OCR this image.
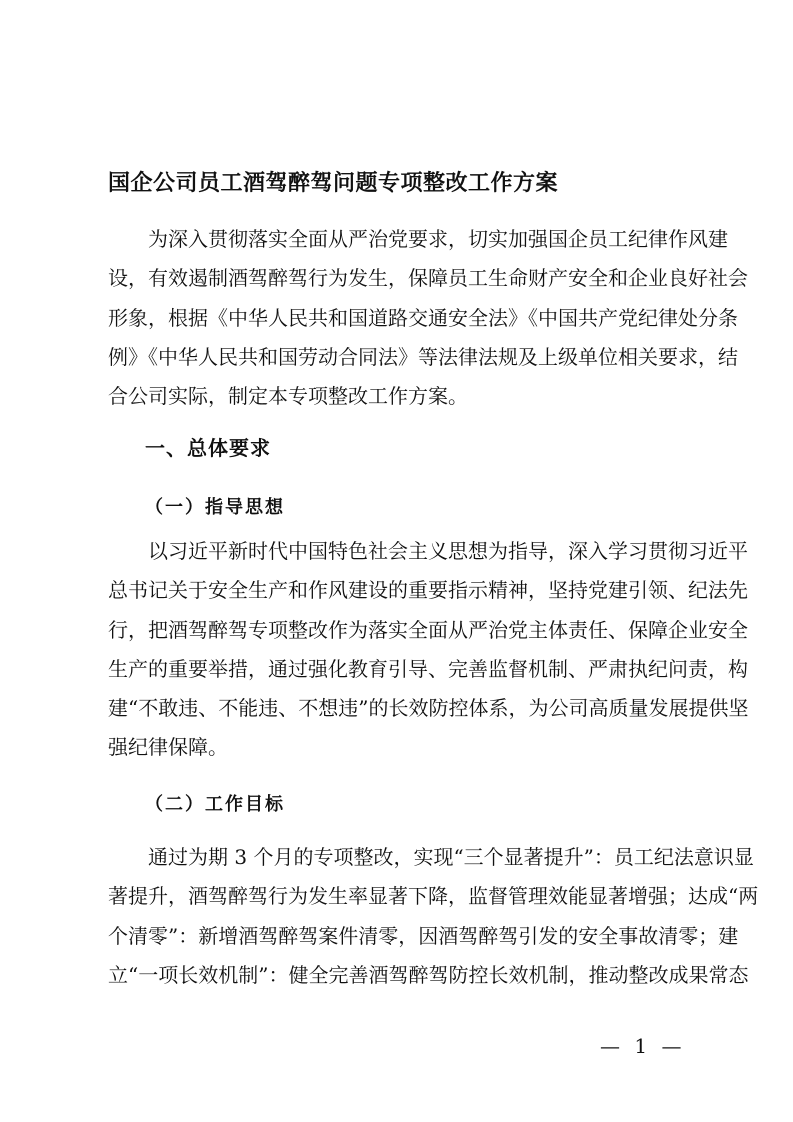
国企公司员工酒驾醉驾问题专项整改工作方案
为深入贯彻落实全面从严治党要求，切实加强国企员工纪律作风建
设，有效遏制酒驾醉驾行为发生，保障员工生命财产安全和企业良好社会
形象，根据《中华人民共和国道路交通安全法》《中国共产党纪律处分条
例》《中华人民共和国劳动合同法》等法律法规及上级单位相关要求，结
合公司实际，制定本专项整改工作方案。
一、总体要求
（一）指导思想
以习近平新时代中国特色社会主义思想为指导，深入学习贯彻习近平
总书记关于安全生产和作风建设的重要指示精神，坚持党建引领、纪法先
行，把酒驾醉驾专项整改作为落实全面从严治党主体责任、保障企业安全
生产的重要举措，通过强化教育引导、完善监督机制、严肃执纪问责，构
建“不敢违、不能违、不想违”的长效防控体系，为公司高质量发展提供坚
强纪律保障。
（二）工作目标
通过为期 3 个月的专项整改，实现“三个显著提升”：员工纪法意识显
著提升，酒驾醉驾行为发生率显著下降，监督管理效能显著增强；达成“两
个清零”：新增酒驾醉驾案件清零，因酒驾醉驾引发的安全事故清零；建
立“一项长效机制”：健全完善酒驾醉驾防控长效机制，推动整改成果常态
— 1 —
